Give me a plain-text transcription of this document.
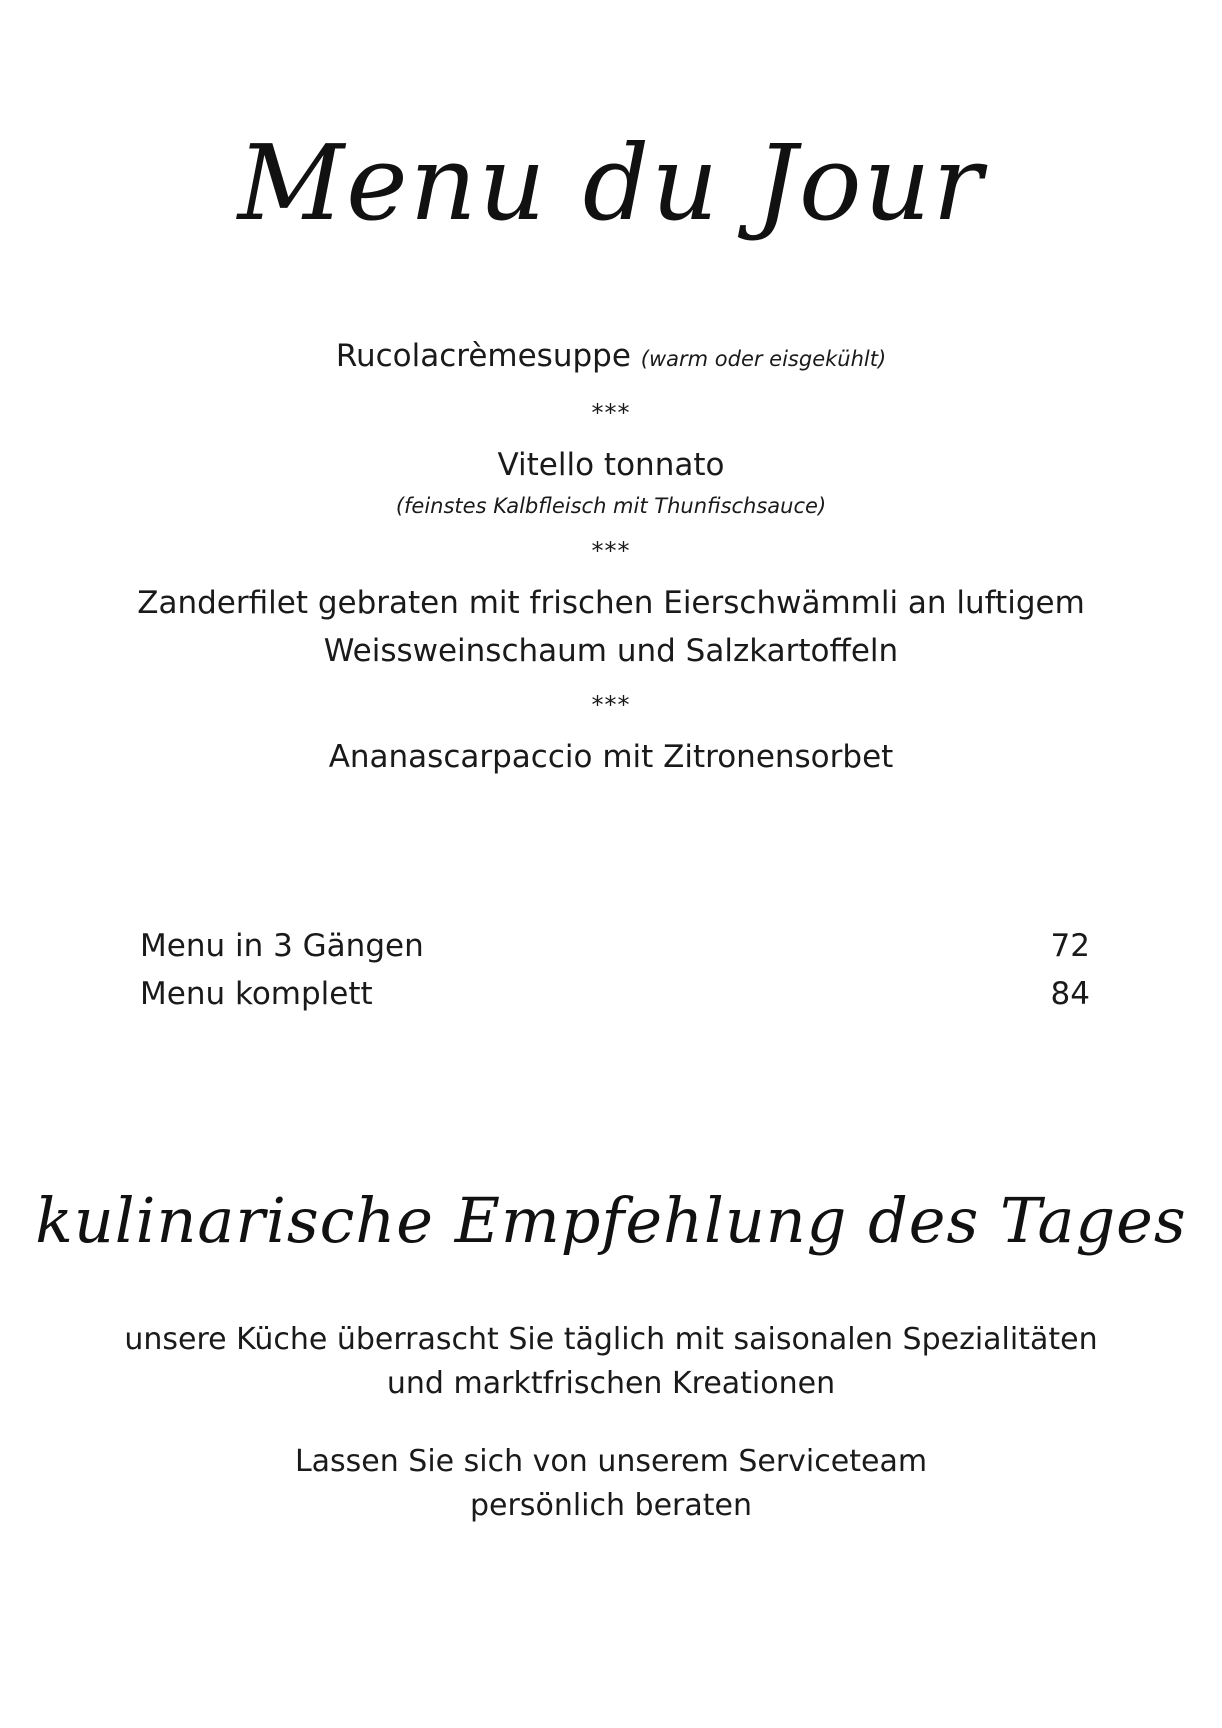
Menu du Jour
Rucolacrèmesuppe (warm oder eisgekühlt)
***
Vitello tonnato
(feinstes Kalbfleisch mit Thunfischsauce)
***
Zanderfilet gebraten mit frischen Eierschwämmli an luftigem
Weissweinschaum und Salzkartoffeln
***
Ananascarpaccio mit Zitronensorbet
Menu in 3 Gängen	72
Menu komplett	84
kulinarische Empfehlung des Tages
unsere Küche überrascht Sie täglich mit saisonalen Spezialitäten
und marktfrischen Kreationen
Lassen Sie sich von unserem Serviceteam
persönlich beraten
